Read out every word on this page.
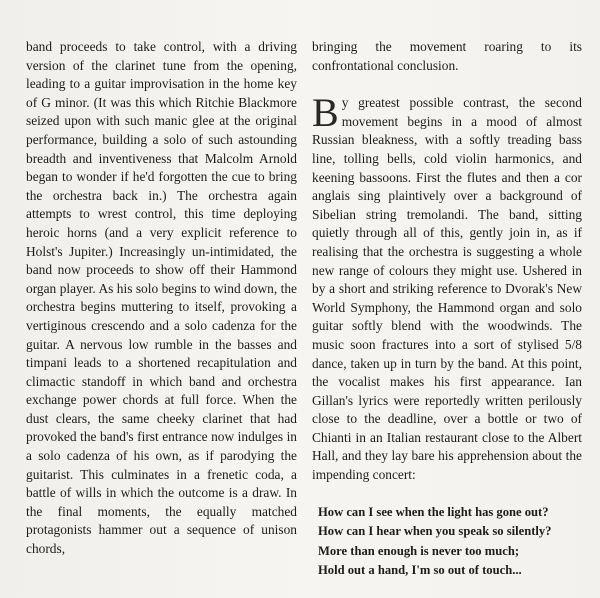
band proceeds to take control, with a driving version of the clarinet tune from the opening, leading to a guitar improvisation in the home key of G minor. (It was this which Ritchie Blackmore seized upon with such manic glee at the original performance, building a solo of such astounding breadth and inventiveness that Malcolm Arnold began to wonder if he'd forgotten the cue to bring the orchestra back in.) The orchestra again attempts to wrest control, this time deploying heroic horns (and a very explicit reference to Holst's Jupiter.) Increasingly un-intimidated, the band now proceeds to show off their Hammond organ player. As his solo begins to wind down, the orchestra begins muttering to itself, provoking a vertiginous crescendo and a solo cadenza for the guitar. A nervous low rumble in the basses and timpani leads to a shortened recapitulation and climactic standoff in which band and orchestra exchange power chords at full force. When the dust clears, the same cheeky clarinet that had provoked the band's first entrance now indulges in a solo cadenza of his own, as if parodying the guitarist. This culminates in a frenetic coda, a battle of wills in which the outcome is a draw. In the final moments, the equally matched protagonists hammer out a sequence of unison chords,

bringing the movement roaring to its confrontational conclusion.

By greatest possible contrast, the second movement begins in a mood of almost Russian bleakness, with a softly treading bass line, tolling bells, cold violin harmonics, and keening bassoons. First the flutes and then a cor anglais sing plaintively over a background of Sibelian string tremolandi. The band, sitting quietly through all of this, gently join in, as if realising that the orchestra is suggesting a whole new range of colours they might use. Ushered in by a short and striking reference to Dvorak's New World Symphony, the Hammond organ and solo guitar softly blend with the woodwinds. The music soon fractures into a sort of stylised 5/8 dance, taken up in turn by the band. At this point, the vocalist makes his first appearance. Ian Gillan's lyrics were reportedly written perilously close to the deadline, over a bottle or two of Chianti in an Italian restaurant close to the Albert Hall, and they lay bare his apprehension about the impending concert:

How can I see when the light has gone out?
How can I hear when you speak so silently?
More than enough is never too much;
Hold out a hand, I'm so out of touch...
